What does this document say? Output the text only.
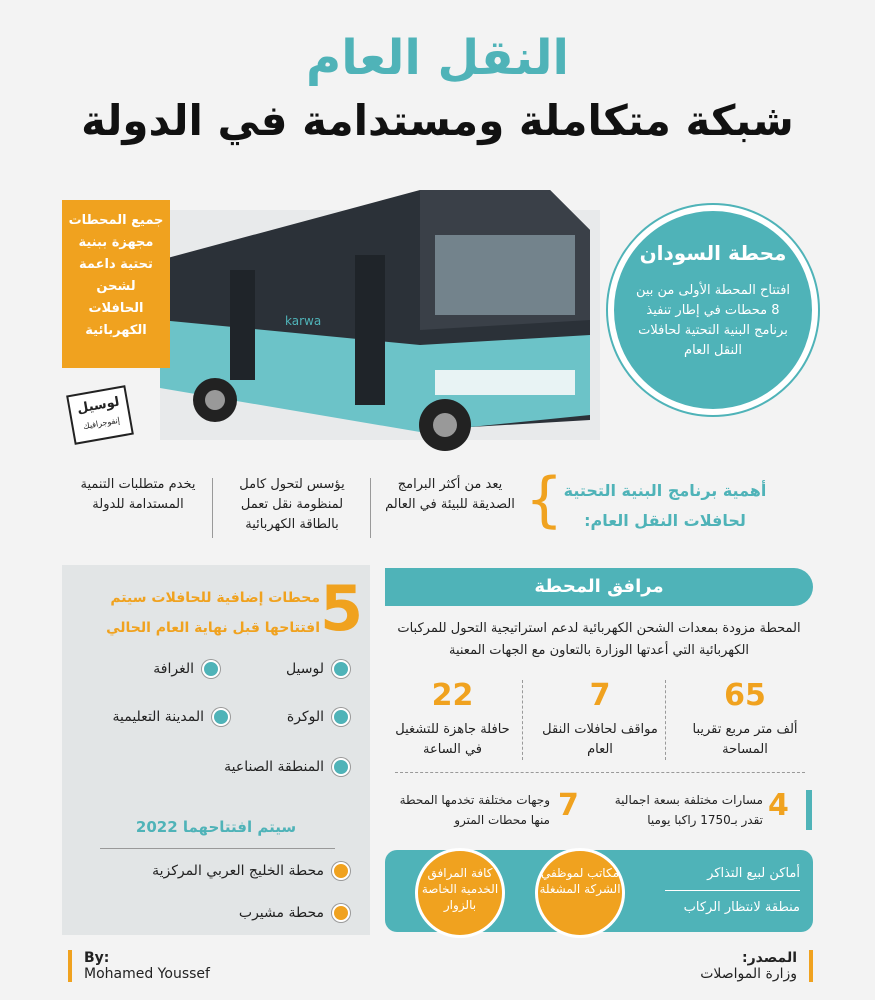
النقل العام
شبكة متكاملة ومستدامة في الدولة
karwa
جميع المحطات مجهزة ببنية تحتية داعمة لشحن الحافلات الكهربائية
لوسيل
إنفوجرافيك
محطة السودان
افتتاح المحطة الأولى من بين 8 محطات في إطار تنفيذ برنامج البنية التحتية لحافلات النقل العام
أهمية برنامج البنية التحتية لحافلات النقل العام:
{
يعد من أكثر البرامج الصديقة للبيئة في العالم
يؤسس لتحول كامل لمنظومة نقل تعمل بالطاقة الكهربائية
يخدم متطلبات التنمية المستدامة للدولة
5
محطات إضافية للحافلات سيتم افتتاحها قبل نهاية العام الحالي
لوسيل
الغرافة
الوكرة
المدينة التعليمية
المنطقة الصناعية
سيتم افتتاحهما 2022
محطة الخليج العربي المركزية
محطة مشيرب
مرافق المحطة
المحطة مزودة بمعدات الشحن الكهربائية لدعم استراتيجية التحول للمركبات الكهربائية التي أعدتها الوزارة بالتعاون مع الجهات المعنية
65
ألف متر مربع تقريبا المساحة
7
مواقف لحافلات النقل العام
22
حافلة جاهزة للتشغيل في الساعة
4
مسارات مختلفة بسعة اجمالية تقدر بـ1750 راكبا يوميا
7
وجهات مختلفة تخدمها المحطة منها محطات المترو
أماكن لبيع التذاكر
منطقة لانتظار الركاب
مكاتب لموظفي الشركة المشغلة
كافة المرافق الخدمية الخاصة بالزوار
By:
Mohamed Youssef
المصدر:
وزارة المواصلات
